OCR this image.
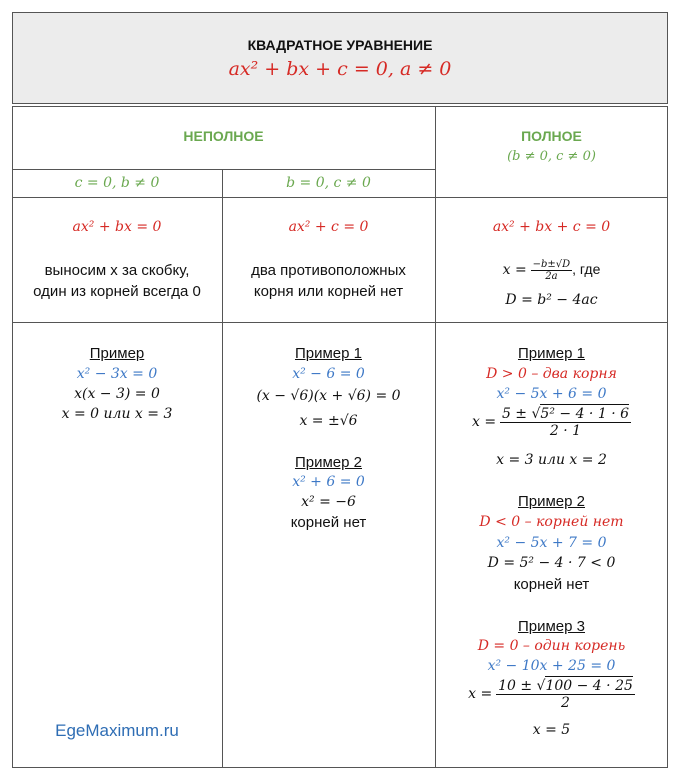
КВАДРАТНОЕ УРАВНЕНИЕ
ax² + bx + c = 0, a ≠ 0
НЕПОЛНОЕ	ПОЛНОЕ
(b ≠ 0, c ≠ 0)
c = 0, b ≠ 0	b = 0, c ≠ 0
ax² + bx = 0
выносим x за скобку,
один из корней всегда 0
ax² + c = 0
два противоположных
корня или корней нет
ax² + bx + c = 0
$x = \frac{-b\pm√D}{2a}$ , где
D = b² − 4ac
Пример
x² − 3x = 0
x(x − 3) = 0
x = 0 или x = 3
Пример 1
x² − 6 = 0
(x − √6)(x + √6) = 0
x = ±√6
Пример 2
x² + 6 = 0
x² = −6
корней нет
Пример 1
D > 0 – два корня
x² − 5x + 6 = 0
$x = \frac{\text{5 ± √5² − 4 · 1 · 6}}{2 \cdot 1}$
x = 3 или x = 2
Пример 2
D < 0 – корней нет
x² − 5x + 7 = 0
D = 5² − 4 · 7 < 0
корней нет
Пример 3
D = 0 – один корень
x² − 10x + 25 = 0
$x = \frac{10 \pm √100 - 4 \cdot 25}{2}$
x = 5
EgeMaximum.ru
